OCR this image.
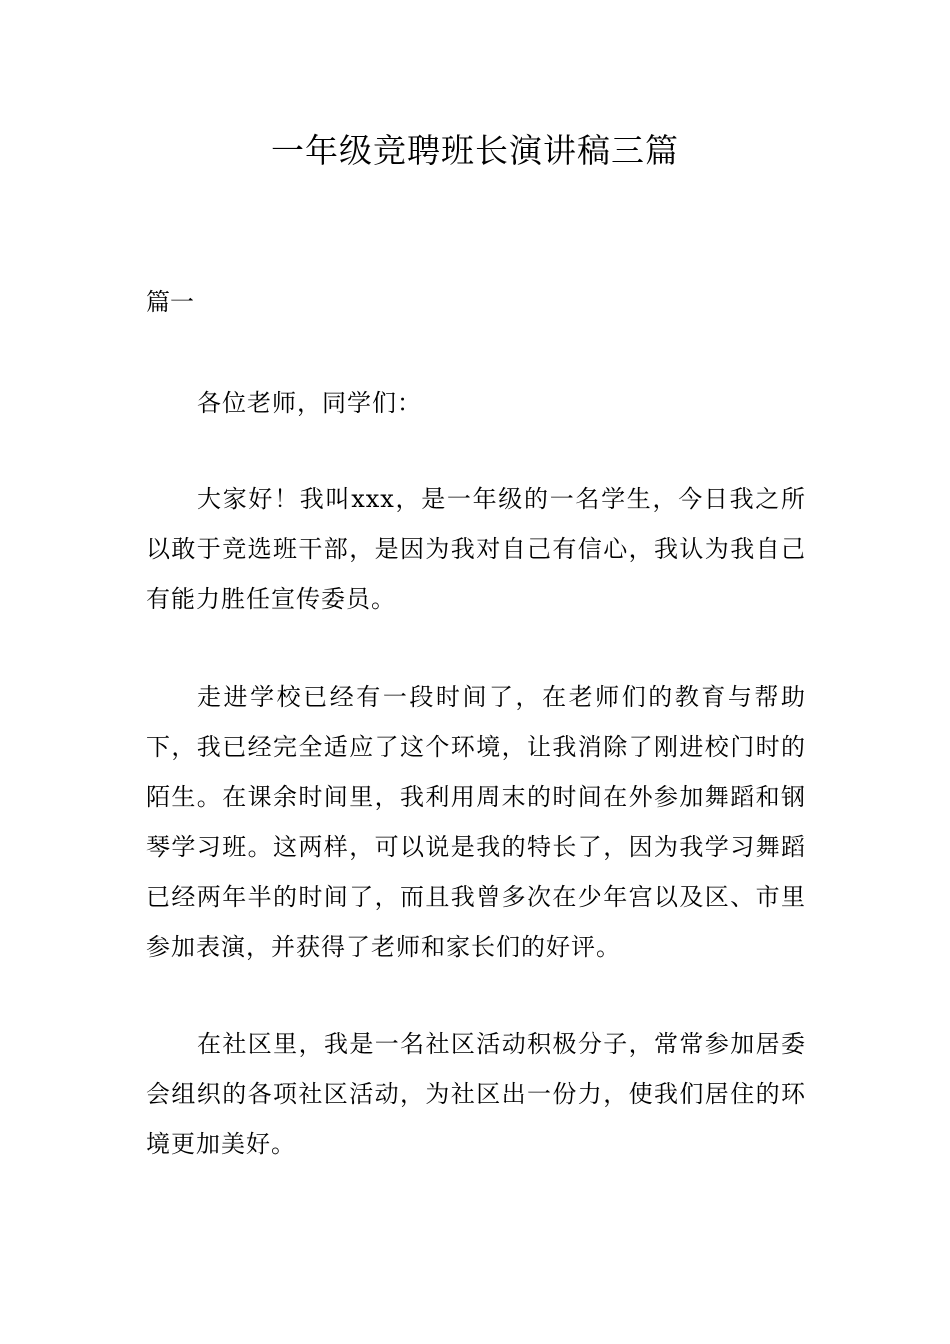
一年级竞聘班长演讲稿三篇

篇一

各位老师，同学们：

大家好！我叫xxx，是一年级的一名学生，今日我之所以敢于竞选班干部，是因为我对自己有信心，我认为我自己有能力胜任宣传委员。

走进学校已经有一段时间了，在老师们的教育与帮助下，我已经完全适应了这个环境，让我消除了刚进校门时的陌生。在课余时间里，我利用周末的时间在外参加舞蹈和钢琴学习班。这两样，可以说是我的特长了，因为我学习舞蹈已经两年半的时间了，而且我曾多次在少年宫以及区、市里参加表演，并获得了老师和家长们的好评。

在社区里，我是一名社区活动积极分子，常常参加居委会组织的各项社区活动，为社区出一份力，使我们居住的环境更加美好。
